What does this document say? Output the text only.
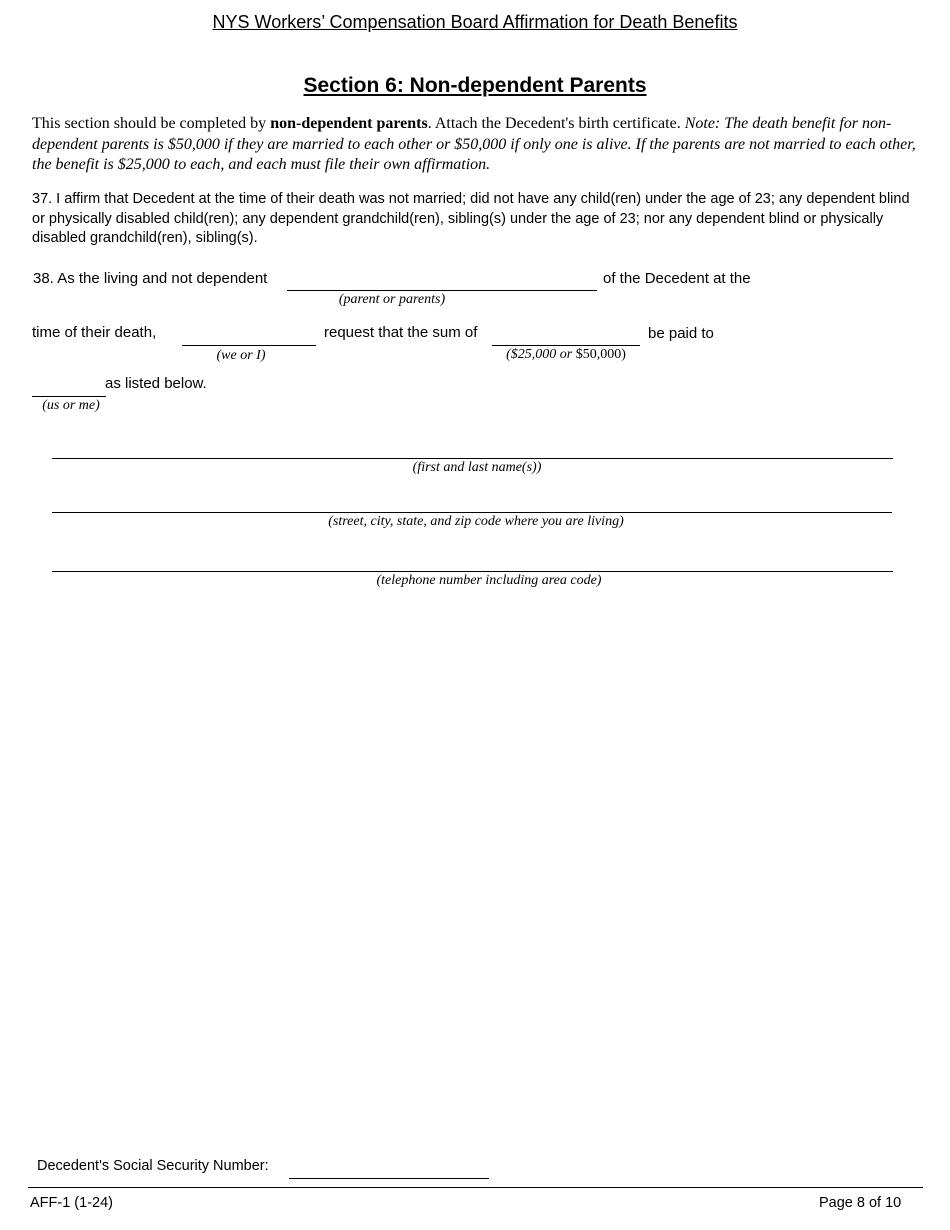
NYS Workers’ Compensation Board Affirmation for Death Benefits
Section 6: Non-dependent Parents
This section should be completed by non-dependent parents. Attach the Decedent's birth certificate. Note: The death benefit for non-dependent parents is $50,000 if they are married to each other or $50,000 if only one is alive. If the parents are not married to each other, the benefit is $25,000 to each, and each must file their own affirmation.
37. I affirm that Decedent at the time of their death was not married; did not have any child(ren) under the age of 23; any dependent blind or physically disabled child(ren); any dependent grandchild(ren), sibling(s) under the age of 23; nor any dependent blind or physically disabled grandchild(ren), sibling(s).
38. As the living and not dependent	of the Decedent at the
(parent or parents)
time of their death,
(we or I)
request that the sum of
($25,000 or $50,000)
be paid to
as listed below.
(us or me)
(first and last name(s))
(street, city, state, and zip code where you are living)
(telephone number including area code)
Decedent's Social Security Number:
AFF-1 (1-24)	Page 8 of 10
